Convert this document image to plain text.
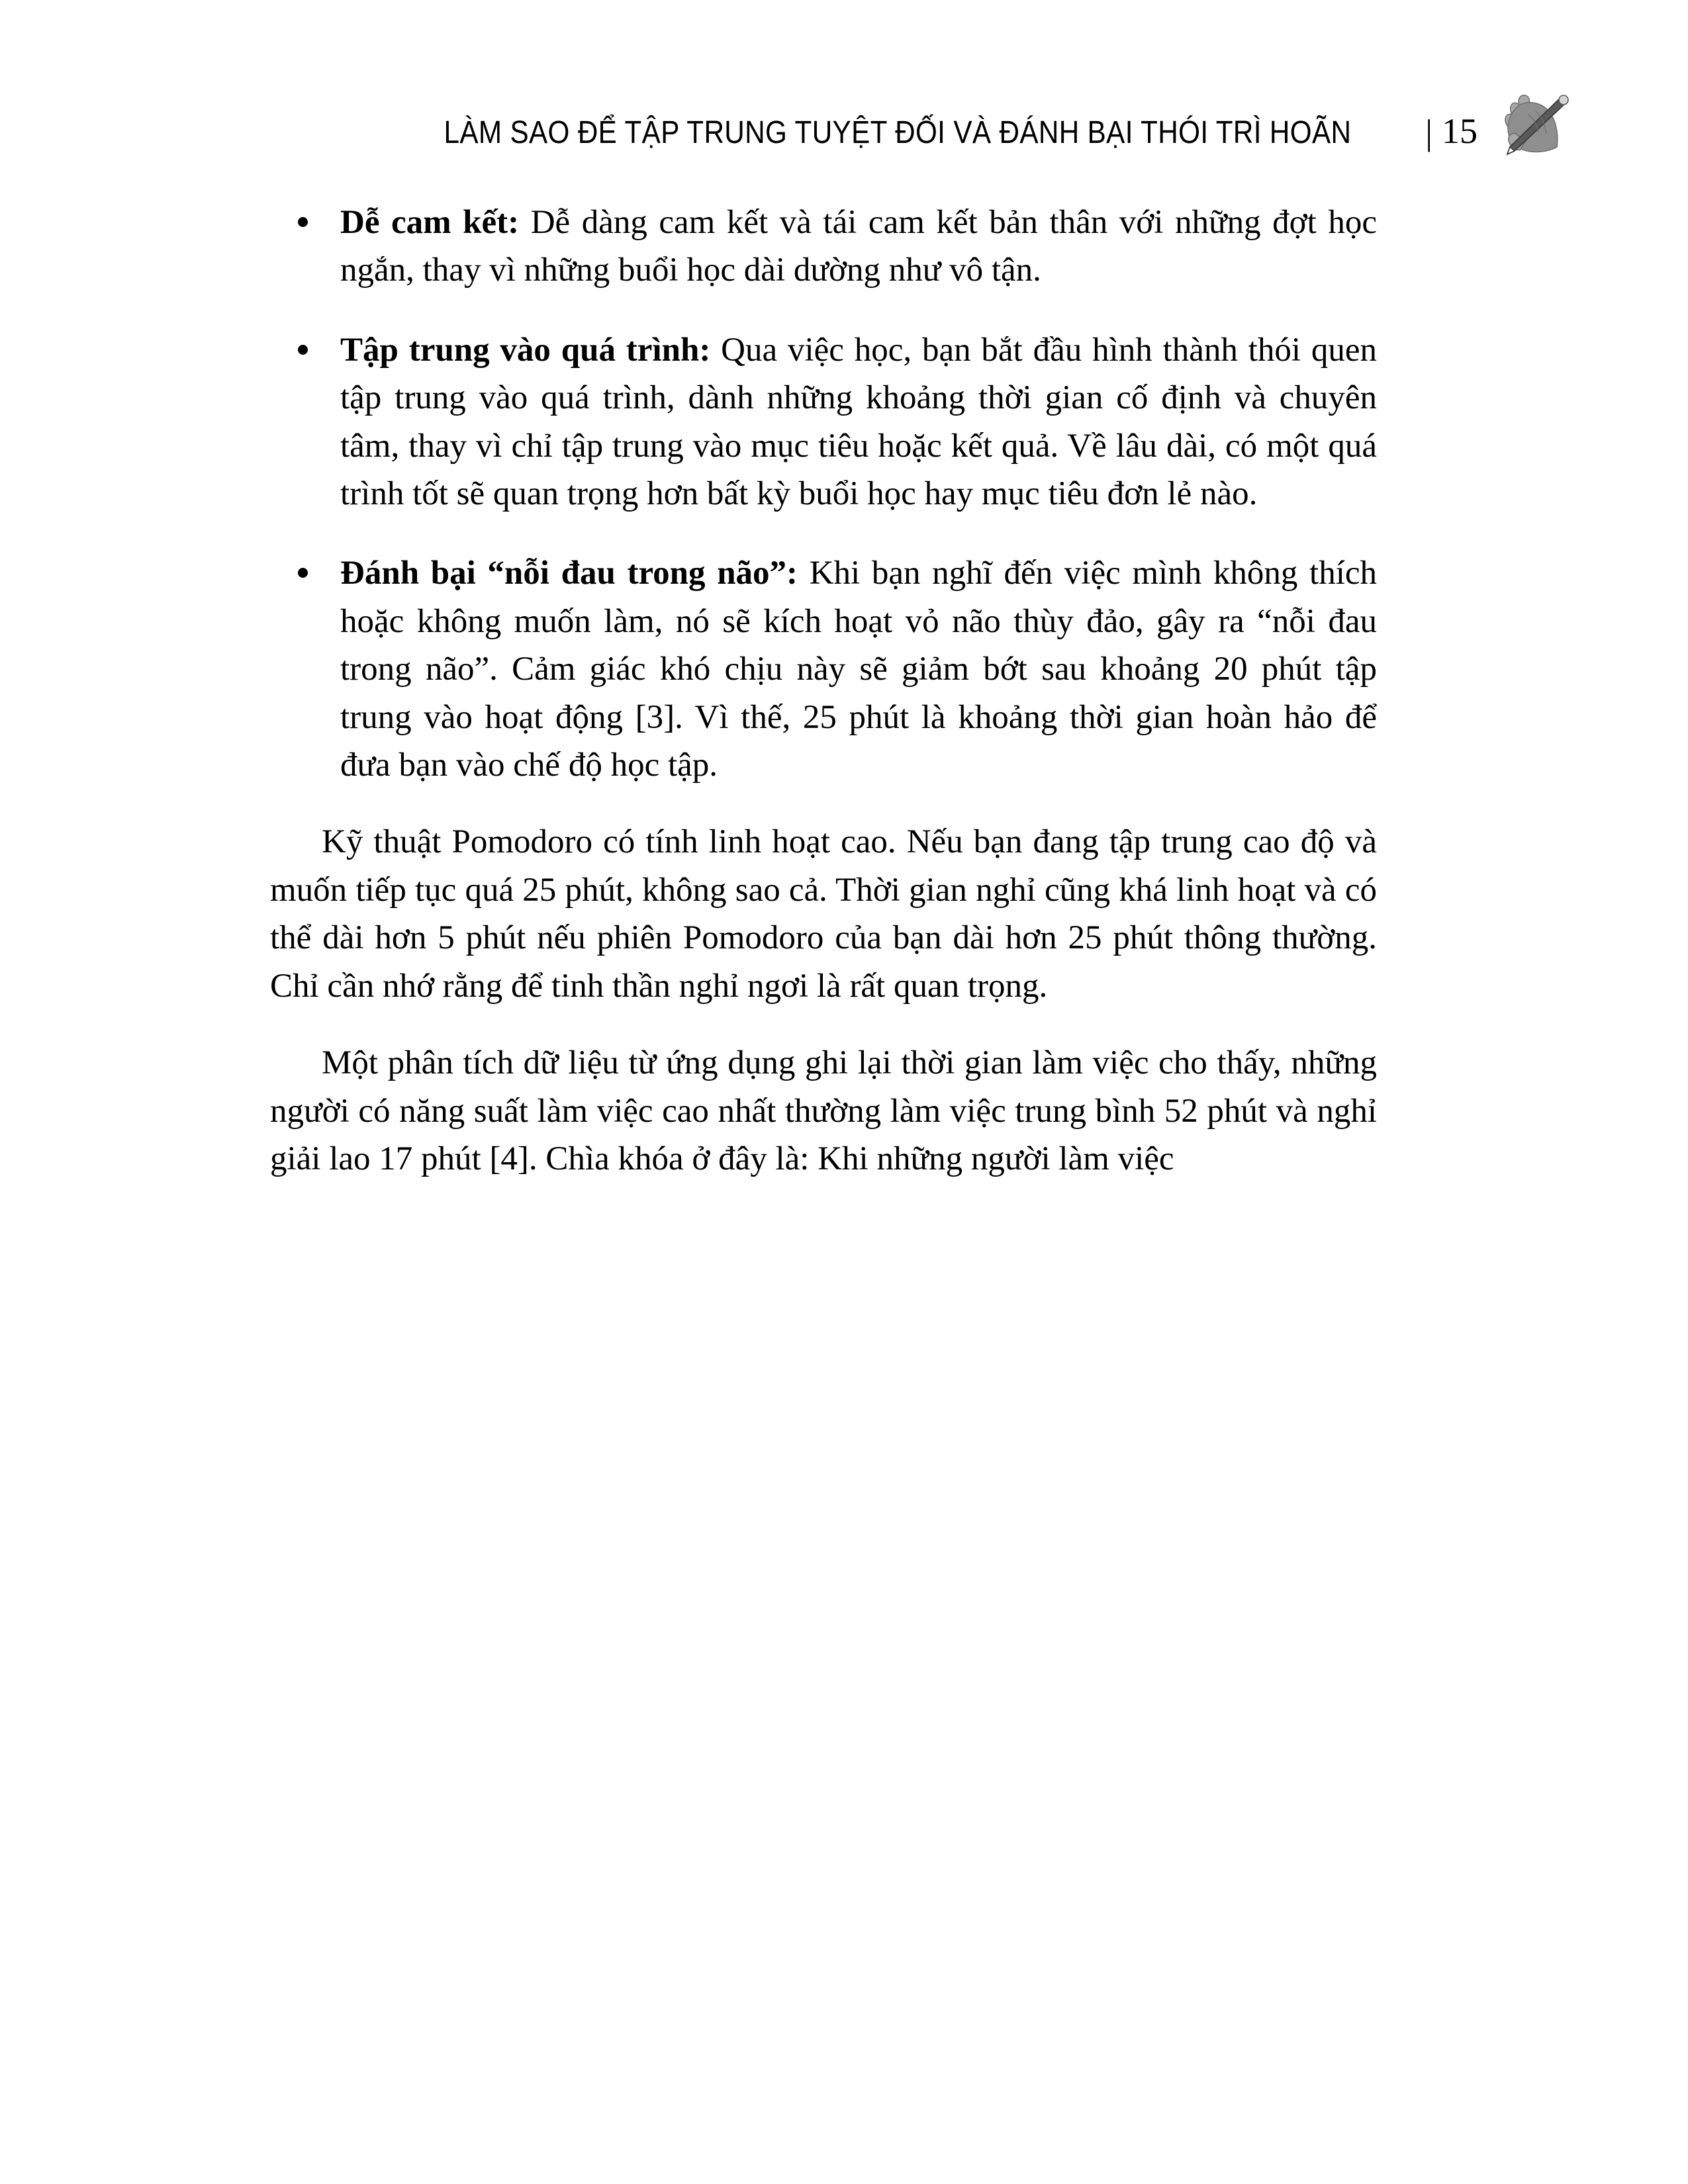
LÀM SAO ĐỂ TẬP TRUNG TUYỆT ĐỐI VÀ ĐÁNH BẠI THÓI TRÌ HOÃN | 15
Dễ cam kết: Dễ dàng cam kết và tái cam kết bản thân với những đợt học ngắn, thay vì những buổi học dài dường như vô tận.
Tập trung vào quá trình: Qua việc học, bạn bắt đầu hình thành thói quen tập trung vào quá trình, dành những khoảng thời gian cố định và chuyên tâm, thay vì chỉ tập trung vào mục tiêu hoặc kết quả. Về lâu dài, có một quá trình tốt sẽ quan trọng hơn bất kỳ buổi học hay mục tiêu đơn lẻ nào.
Đánh bại “nỗi đau trong não”: Khi bạn nghĩ đến việc mình không thích hoặc không muốn làm, nó sẽ kích hoạt vỏ não thùy đảo, gây ra “nỗi đau trong não”. Cảm giác khó chịu này sẽ giảm bớt sau khoảng 20 phút tập trung vào hoạt động [3]. Vì thế, 25 phút là khoảng thời gian hoàn hảo để đưa bạn vào chế độ học tập.

Kỹ thuật Pomodoro có tính linh hoạt cao. Nếu bạn đang tập trung cao độ và muốn tiếp tục quá 25 phút, không sao cả. Thời gian nghỉ cũng khá linh hoạt và có thể dài hơn 5 phút nếu phiên Pomodoro của bạn dài hơn 25 phút thông thường. Chỉ cần nhớ rằng để tinh thần nghỉ ngơi là rất quan trọng.

Một phân tích dữ liệu từ ứng dụng ghi lại thời gian làm việc cho thấy, những người có năng suất làm việc cao nhất thường làm việc trung bình 52 phút và nghỉ giải lao 17 phút [4]. Chìa khóa ở đây là: Khi những người làm việc
